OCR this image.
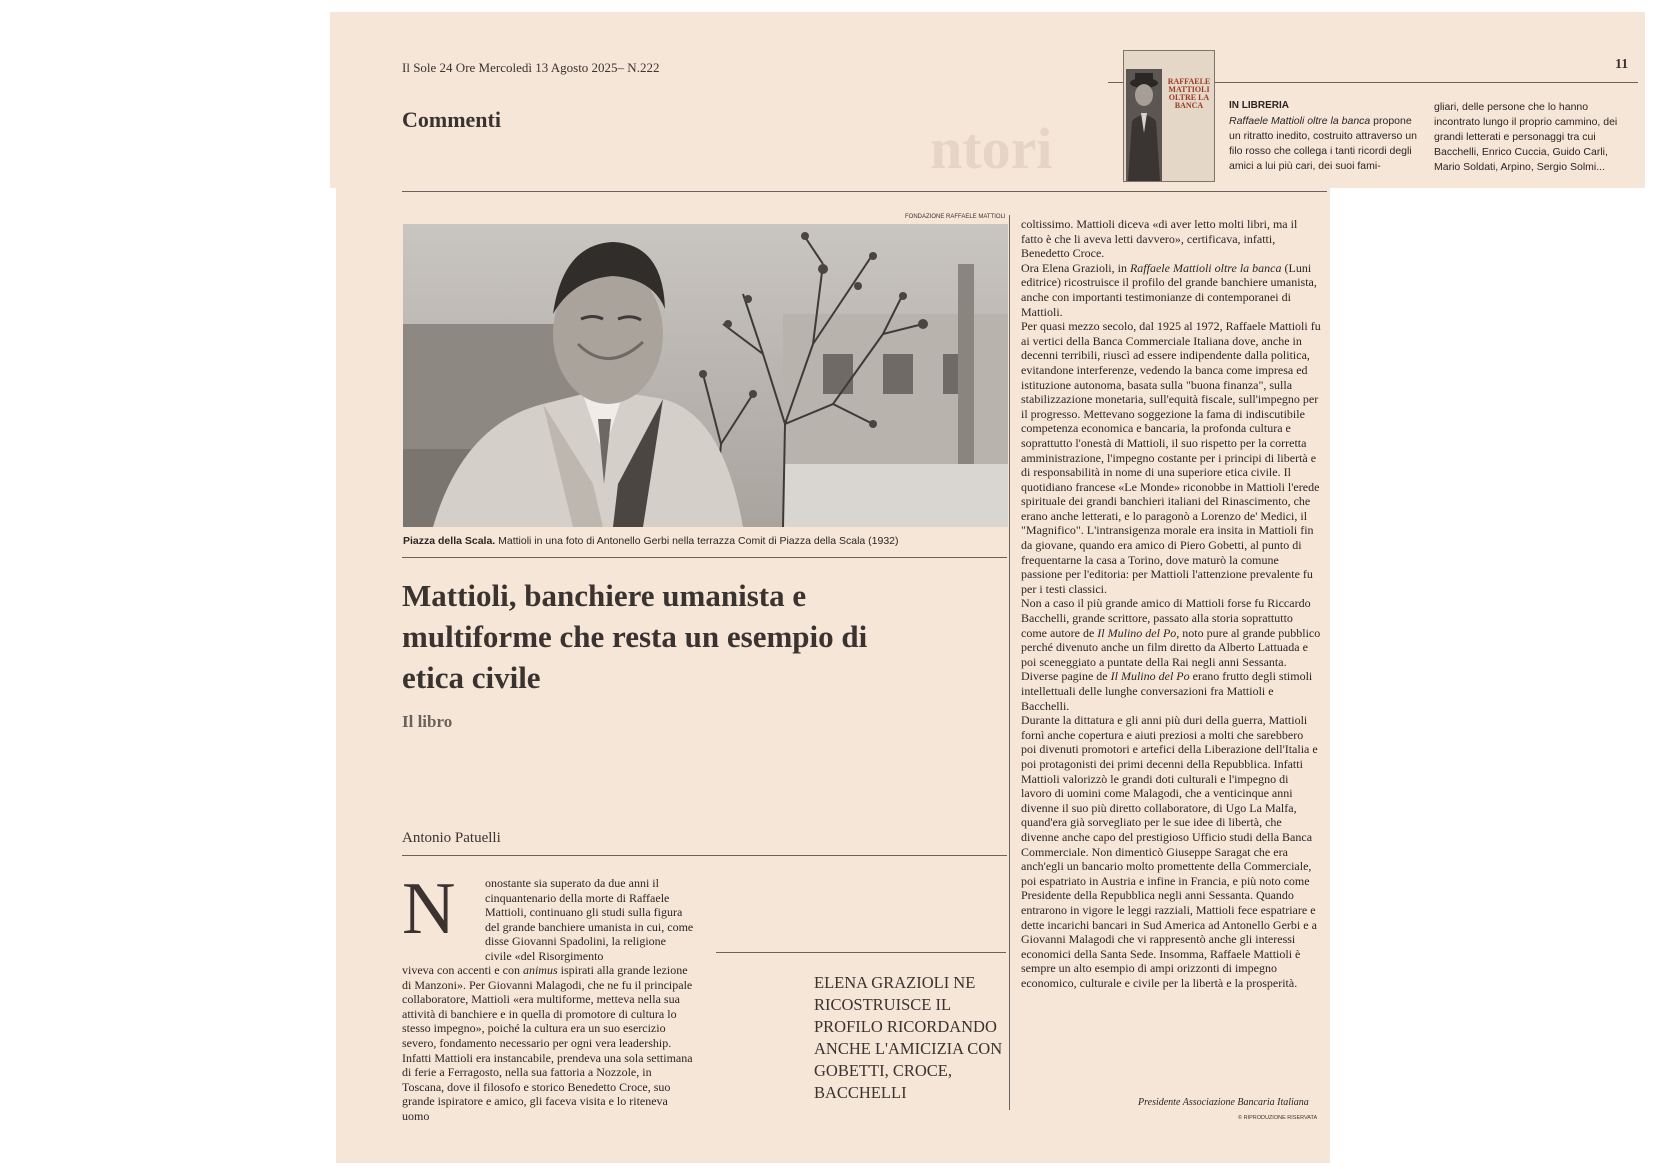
ntori
Il Sole 24 Ore Mercoledì 13 Agosto 2025– N.222	11
Commenti
RAFFAELE MATTIOLI OLTRE LA BANCA
	IN LIBRERIA
Raffaele Mattioli oltre la banca propone un ritratto inedito, costruito attraverso un filo rosso che collega i tanti ricordi degli amici a lui più cari, dei suoi fami-
gliari, delle persone che lo hanno incontrato lungo il proprio cammino, dei grandi letterati e personaggi tra cui Bacchelli, Enrico Cuccia, Guido Carli, Mario Soldati, Arpino, Sergio Solmi...
FONDAZIONE RAFFAELE MATTIOLI
Piazza della Scala. Mattioli in una foto di Antonello Gerbi nella terrazza Comit di Piazza della Scala (1932)
Mattioli, banchiere umanista e multiforme che resta un esempio di etica civile
Il libro
Antonio Patuelli
N onostante sia superato da due anni il cinquantenario della morte di Raffaele Mattioli, continuano gli studi sulla figura del grande banchiere umanista in cui, come disse Giovanni Spadolini, la religione civile «del Risorgimento
viveva con accenti e con animus ispirati alla grande lezione di Manzoni». Per Giovanni Malagodi, che ne fu il principale collaboratore, Mattioli «era multiforme, metteva nella sua attività di banchiere e in quella di promotore di cultura lo stesso impegno», poiché la cultura era un suo esercizio severo, fondamento necessario per ogni vera leadership. Infatti Mattioli era instancabile, prendeva una sola settimana di ferie a Ferragosto, nella sua fattoria a Nozzole, in Toscana, dove il filosofo e storico Benedetto Croce, suo grande ispiratore e amico, gli faceva visita e lo riteneva uomo
ELENA GRAZIOLI NE RICOSTRUISCE IL PROFILO RICORDANDO ANCHE L'AMICIZIA CON GOBETTI, CROCE, BACCHELLI
coltissimo. Mattioli diceva «di aver letto molti libri, ma il fatto è che li aveva letti davvero», certificava, infatti, Benedetto Croce.
Ora Elena Grazioli, in Raffaele Mattioli oltre la banca (Luni editrice) ricostruisce il profilo del grande banchiere umanista, anche con importanti testimonianze di contemporanei di Mattioli.
Per quasi mezzo secolo, dal 1925 al 1972, Raffaele Mattioli fu ai vertici della Banca Commerciale Italiana dove, anche in decenni terribili, riuscì ad essere indipendente dalla politica, evitandone interferenze, vedendo la banca come impresa ed istituzione autonoma, basata sulla "buona finanza", sulla stabilizzazione monetaria, sull'equità fiscale, sull'impegno per il progresso. Mettevano soggezione la fama di indiscutibile competenza economica e bancaria, la profonda cultura e soprattutto l'onestà di Mattioli, il suo rispetto per la corretta amministrazione, l'impegno costante per i principi di libertà e di responsabilità in nome di una superiore etica civile. Il quotidiano francese «Le Monde» riconobbe in Mattioli l'erede spirituale dei grandi banchieri italiani del Rinascimento, che erano anche letterati, e lo paragonò a Lorenzo de' Medici, il "Magnifico". L'intransigenza morale era insita in Mattioli fin da giovane, quando era amico di Piero Gobetti, al punto di frequentarne la casa a Torino, dove maturò la comune passione per l'editoria: per Mattioli l'attenzione prevalente fu per i testi classici.
Non a caso il più grande amico di Mattioli forse fu Riccardo Bacchelli, grande scrittore, passato alla storia soprattutto come autore de Il Mulino del Po, noto pure al grande pubblico perché divenuto anche un film diretto da Alberto Lattuada e poi sceneggiato a puntate della Rai negli anni Sessanta. Diverse pagine de Il Mulino del Po erano frutto degli stimoli intellettuali delle lunghe conversazioni fra Mattioli e Bacchelli.
Durante la dittatura e gli anni più duri della guerra, Mattioli fornì anche copertura e aiuti preziosi a molti che sarebbero poi divenuti promotori e artefici della Liberazione dell'Italia e poi protagonisti dei primi decenni della Repubblica. Infatti Mattioli valorizzò le grandi doti culturali e l'impegno di lavoro di uomini come Malagodi, che a venticinque anni divenne il suo più diretto collaboratore, di Ugo La Malfa, quand'era già sorvegliato per le sue idee di libertà, che divenne anche capo del prestigioso Ufficio studi della Banca Commerciale. Non dimenticò Giuseppe Saragat che era anch'egli un bancario molto promettente della Commerciale, poi espatriato in Austria e infine in Francia, e più noto come Presidente della Repubblica negli anni Sessanta. Quando entrarono in vigore le leggi razziali, Mattioli fece espatriare e dette incarichi bancari in Sud America ad Antonello Gerbi e a Giovanni Malagodi che vi rappresentò anche gli interessi economici della Santa Sede. Insomma, Raffaele Mattioli è sempre un alto esempio di ampi orizzonti di impegno economico, culturale e civile per la libertà e la prosperità.
Presidente Associazione Bancaria Italiana
© RIPRODUZIONE RISERVATA
